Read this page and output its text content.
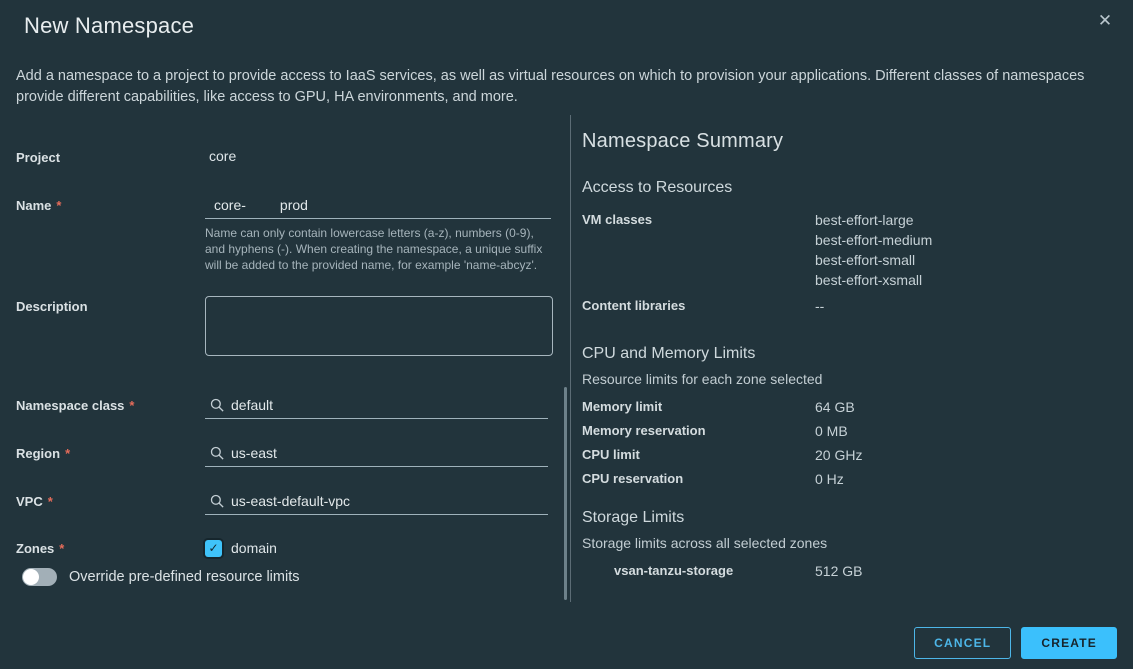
New Namespace	✕
Add a namespace to a project to provide access to IaaS services, as well as virtual resources on which to provision your applications. Different classes of namespaces provide different capabilities, like access to GPU, HA environments, and more.
Project	core
Name *	core- prod
Name can only contain lowercase letters (a-z), numbers (0-9), and hyphens (-). When creating the namespace, a unique suffix will be added to the provided name, for example 'name-abcyz'.
Description
Namespace class *	default
Region *	us-east
VPC *	us-east-default-vpc
Zones *	✓ domain
Override pre-defined resource limits
Namespace Summary
Access to Resources
VM classes	best-effort-large
best-effort-medium
best-effort-small
best-effort-xsmall
Content libraries	--
CPU and Memory Limits
Resource limits for each zone selected
Memory limit	64 GB
Memory reservation	0 MB
CPU limit	20 GHz
CPU reservation	0 Hz
Storage Limits
Storage limits across all selected zones
vsan-tanzu-storage	512 GB
CANCEL	CREATE
